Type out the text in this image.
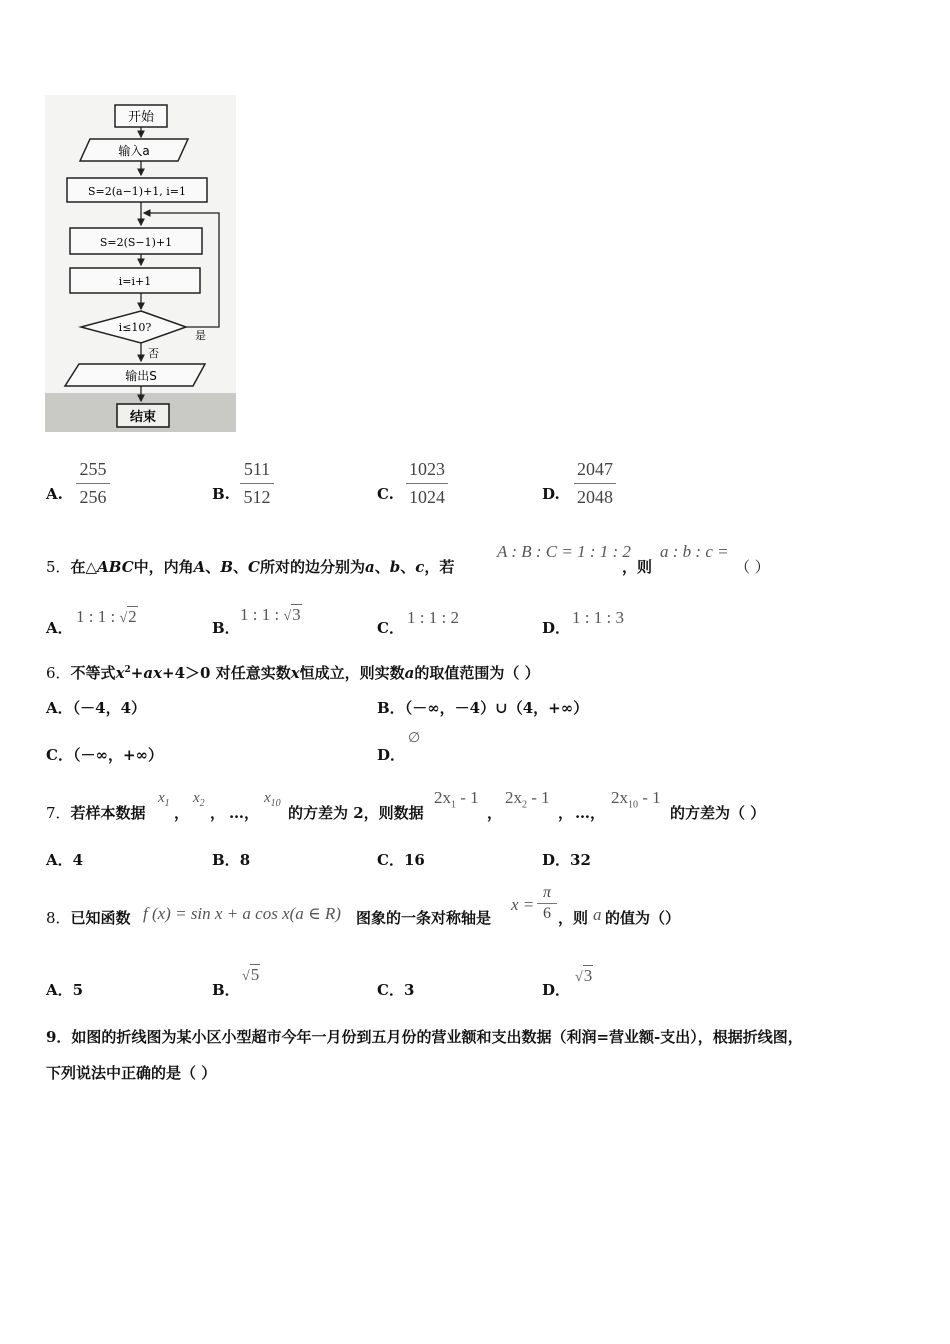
开始
输入a
S=2(a−1)+1, i=1
S=2(S−1)+1
i=i+1
i≤10?
是
否
输出S
结束
A.
255
256	B.
511
512	C.
1023
1024	D.
2047
2048
5．在△ABC中，内角A、B、C所对的边分别为a、b、c，若
A : B : C = 1 : 1 : 2
，则
a : b : c =
（ ）
A．
1 : 1 : √2
B．
1 : 1 : √3
C．
1 : 1 : 2
D．
1 : 1 : 3
6．不等式$x^2+ax+4>0$ 对任意实数x恒成立，则实数a的取值范围为（ ）
A．（－4，4）	B．（－∞，－4）∪（4，+∞）
C．（－∞，+∞）	D．
∅
7．若样本数据
$x_1$
，
$x_2$
， …，
$x_{10}$
的方差为 2，则数据
$2x_1 - 1$
，
$2x_2 - 1$
， …，
$2x_{10} - 1$
的方差为（ ）
A．4	B．8	C．16	D．32
8．已知函数 f (x) = sin x + a cos x(a ∈ R) 图象的一条对称轴是
x =
π
6 ，则 a 的值为（）
A．5	B．
√5
C．3	D．
√3
9．如图的折线图为某小区小型超市今年一月份到五月份的营业额和支出数据（利润=营业额-支出），根据折线图，
下列说法中正确的是（ ）
